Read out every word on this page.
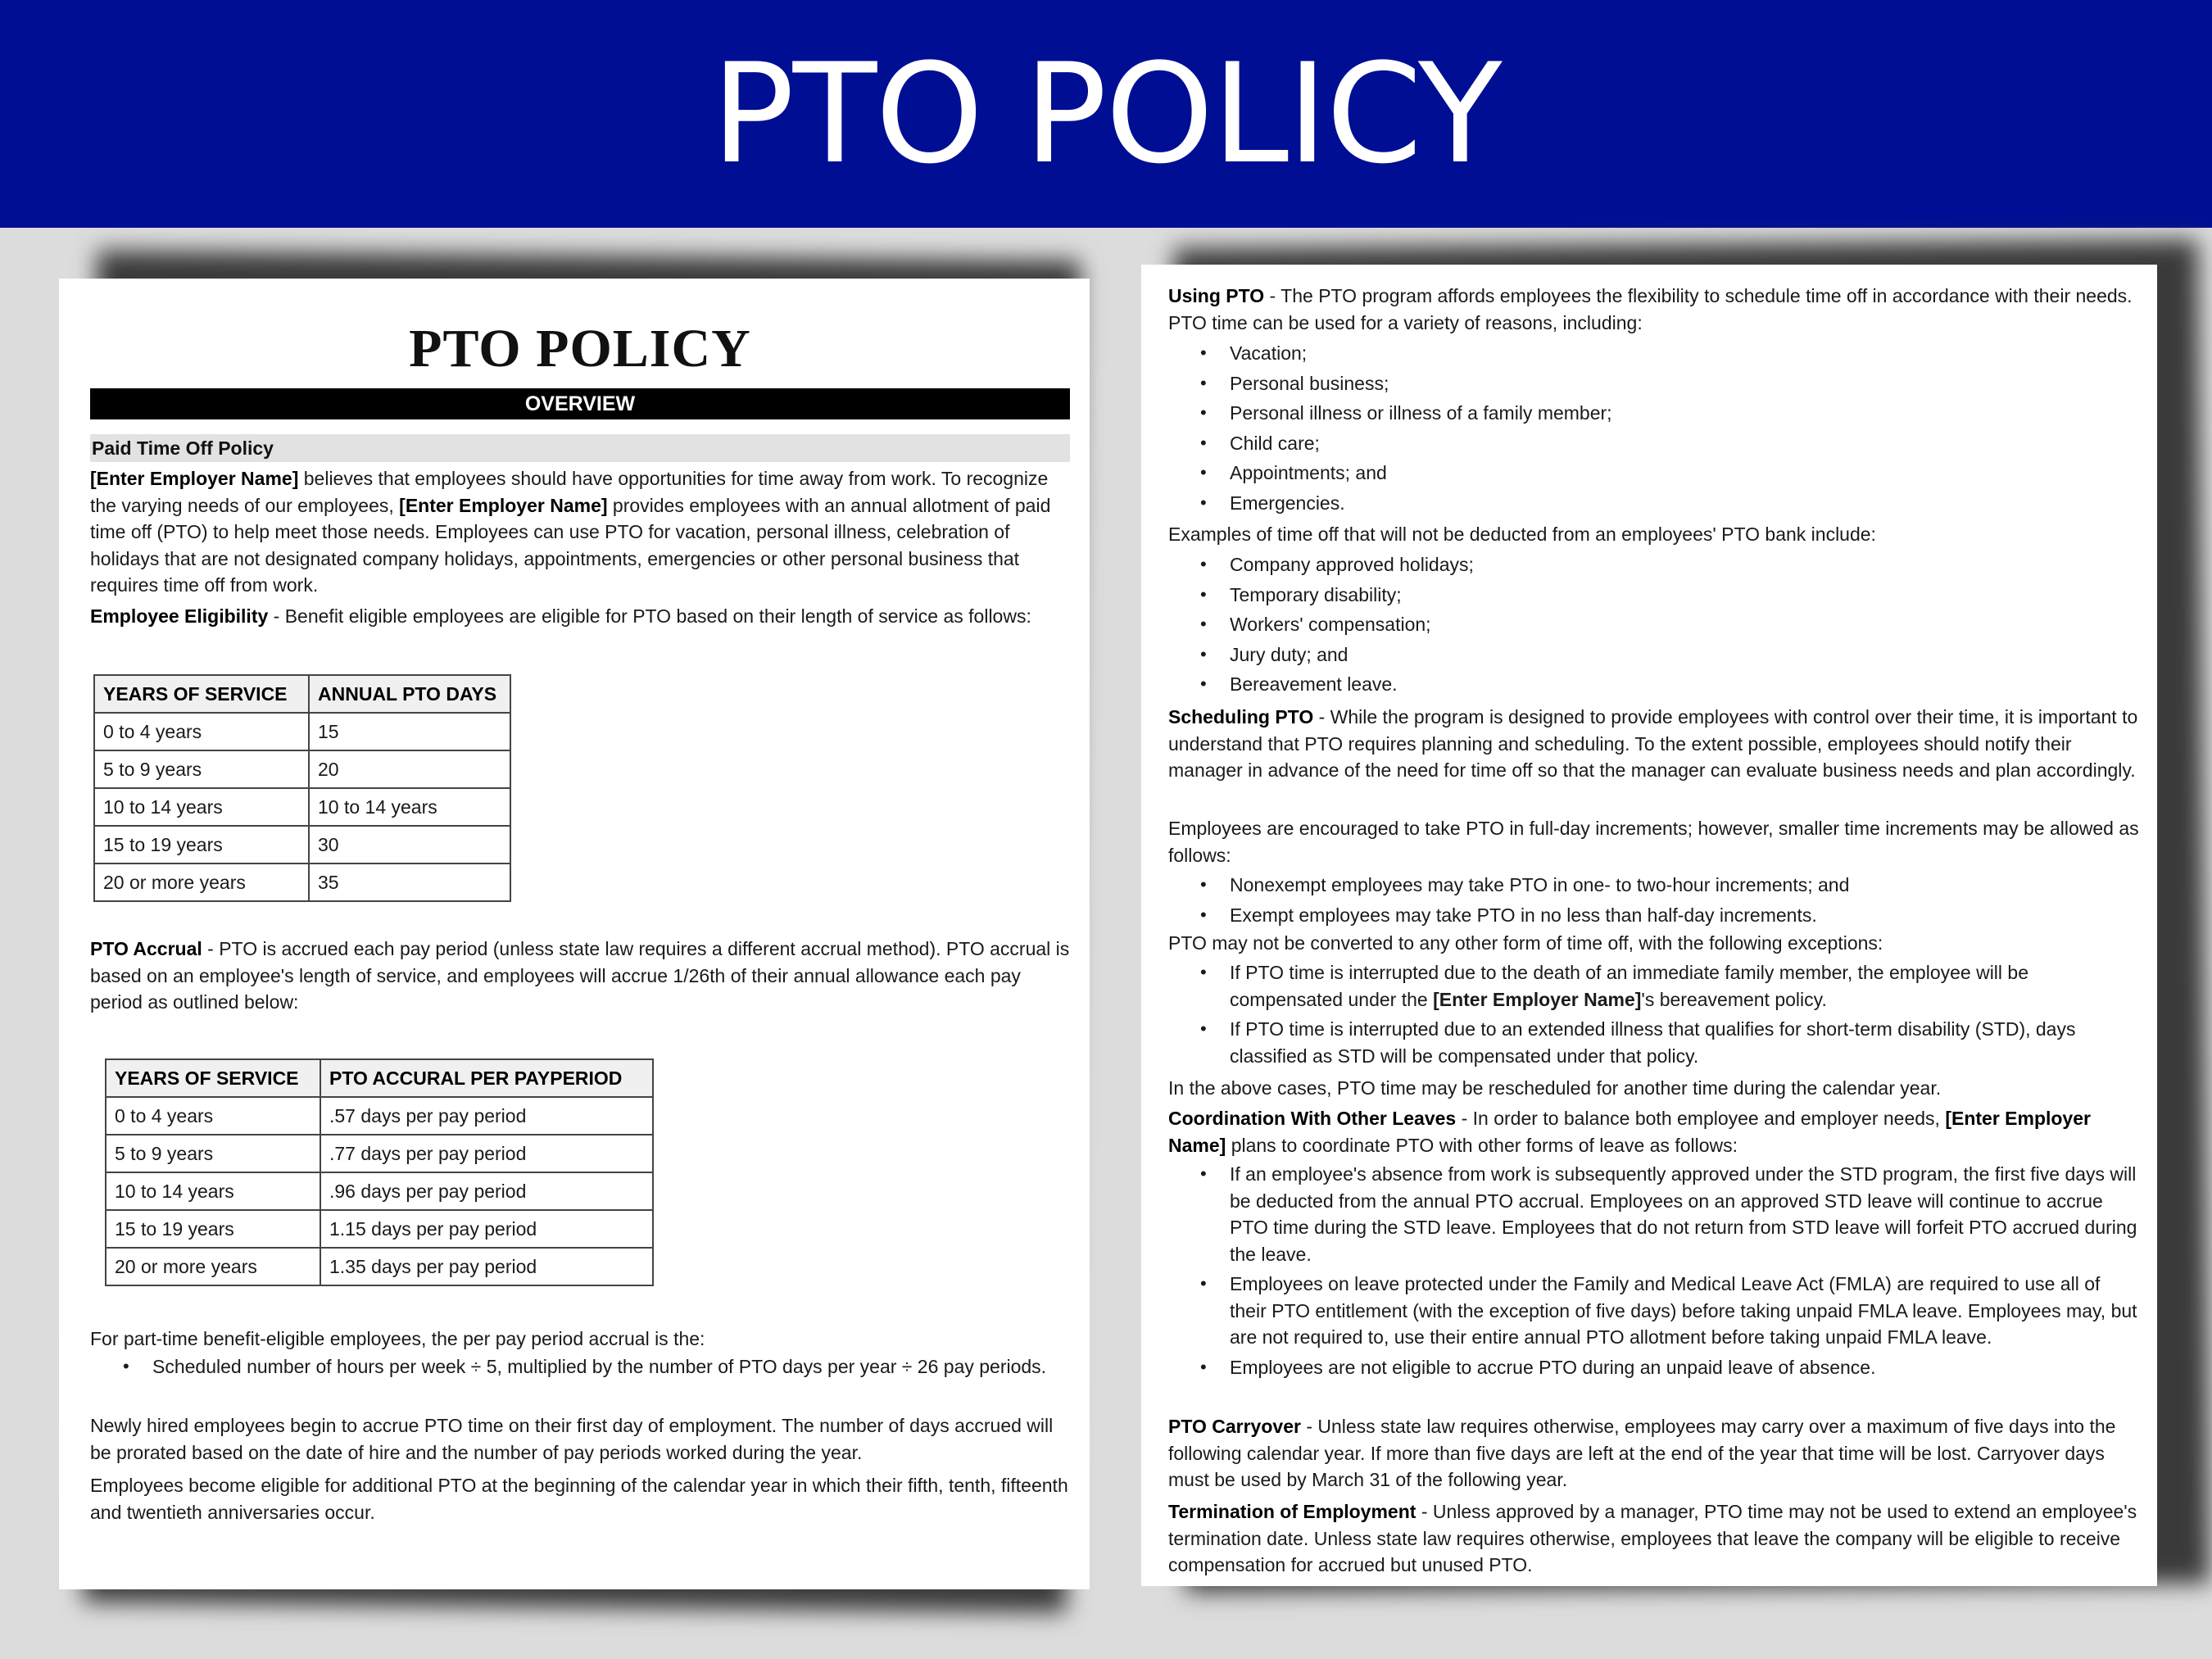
PTO POLICY
PTO POLICY
OVERVIEW
Paid Time Off Policy

[Enter Employer Name] believes that employees should have opportunities for time away from work. To recognize the varying needs of our employees, [Enter Employer Name] provides employees with an annual allotment of paid time off (PTO) to help meet those needs. Employees can use PTO for vacation, personal illness, celebration of holidays that are not designated company holidays, appointments, emergencies or other personal business that requires time off from work.

Employee Eligibility - Benefit eligible employees are eligible for PTO based on their length of service as follows:

YEARS OF SERVICE	ANNUAL PTO DAYS
0 to 4 years	15
5 to 9 years	20
10 to 14 years	10 to 14 years
15 to 19 years	30
20 or more years	35

PTO Accrual - PTO is accrued each pay period (unless state law requires a different accrual method). PTO accrual is based on an employee's length of service, and employees will accrue 1/26th of their annual allowance each pay period as outlined below:

YEARS OF SERVICE	PTO ACCURAL PER PAYPERIOD
0 to 4 years	.57 days per pay period
5 to 9 years	.77 days per pay period
10 to 14 years	.96 days per pay period
15 to 19 years	1.15 days per pay period
20 or more years	1.35 days per pay period

For part-time benefit-eligible employees, the per pay period accrual is the:

• Scheduled number of hours per week ÷ 5, multiplied by the number of PTO days per year ÷ 26 pay periods.

Newly hired employees begin to accrue PTO time on their first day of employment. The number of days accrued will be prorated based on the date of hire and the number of pay periods worked during the year.

Employees become eligible for additional PTO at the beginning of the calendar year in which their fifth, tenth, fifteenth and twentieth anniversaries occur.

Using PTO - The PTO program affords employees the flexibility to schedule time off in accordance with their needs. PTO time can be used for a variety of reasons, including:

• Vacation;
• Personal business;
• Personal illness or illness of a family member;
• Child care;
• Appointments; and
• Emergencies.

Examples of time off that will not be deducted from an employees' PTO bank include:

• Company approved holidays;
• Temporary disability;
• Workers' compensation;
• Jury duty; and
• Bereavement leave.

Scheduling PTO - While the program is designed to provide employees with control over their time, it is important to understand that PTO requires planning and scheduling. To the extent possible, employees should notify their manager in advance of the need for time off so that the manager can evaluate business needs and plan accordingly.

Employees are encouraged to take PTO in full-day increments; however, smaller time increments may be allowed as follows:

• Nonexempt employees may take PTO in one- to two-hour increments; and
• Exempt employees may take PTO in no less than half-day increments.

PTO may not be converted to any other form of time off, with the following exceptions:

• If PTO time is interrupted due to the death of an immediate family member, the employee will be compensated under the [Enter Employer Name]'s bereavement policy.
• If PTO time is interrupted due to an extended illness that qualifies for short-term disability (STD), days classified as STD will be compensated under that policy.

In the above cases, PTO time may be rescheduled for another time during the calendar year.

Coordination With Other Leaves - In order to balance both employee and employer needs, [Enter Employer Name] plans to coordinate PTO with other forms of leave as follows:

• If an employee's absence from work is subsequently approved under the STD program, the first five days will be deducted from the annual PTO accrual. Employees on an approved STD leave will continue to accrue PTO time during the STD leave. Employees that do not return from STD leave will forfeit PTO accrued during the leave.
• Employees on leave protected under the Family and Medical Leave Act (FMLA) are required to use all of their PTO entitlement (with the exception of five days) before taking unpaid FMLA leave. Employees may, but are not required to, use their entire annual PTO allotment before taking unpaid FMLA leave.
• Employees are not eligible to accrue PTO during an unpaid leave of absence.

PTO Carryover - Unless state law requires otherwise, employees may carry over a maximum of five days into the following calendar year. If more than five days are left at the end of the year that time will be lost. Carryover days must be used by March 31 of the following year.

Termination of Employment - Unless approved by a manager, PTO time may not be used to extend an employee's termination date. Unless state law requires otherwise, employees that leave the company will be eligible to receive compensation for accrued but unused PTO.
